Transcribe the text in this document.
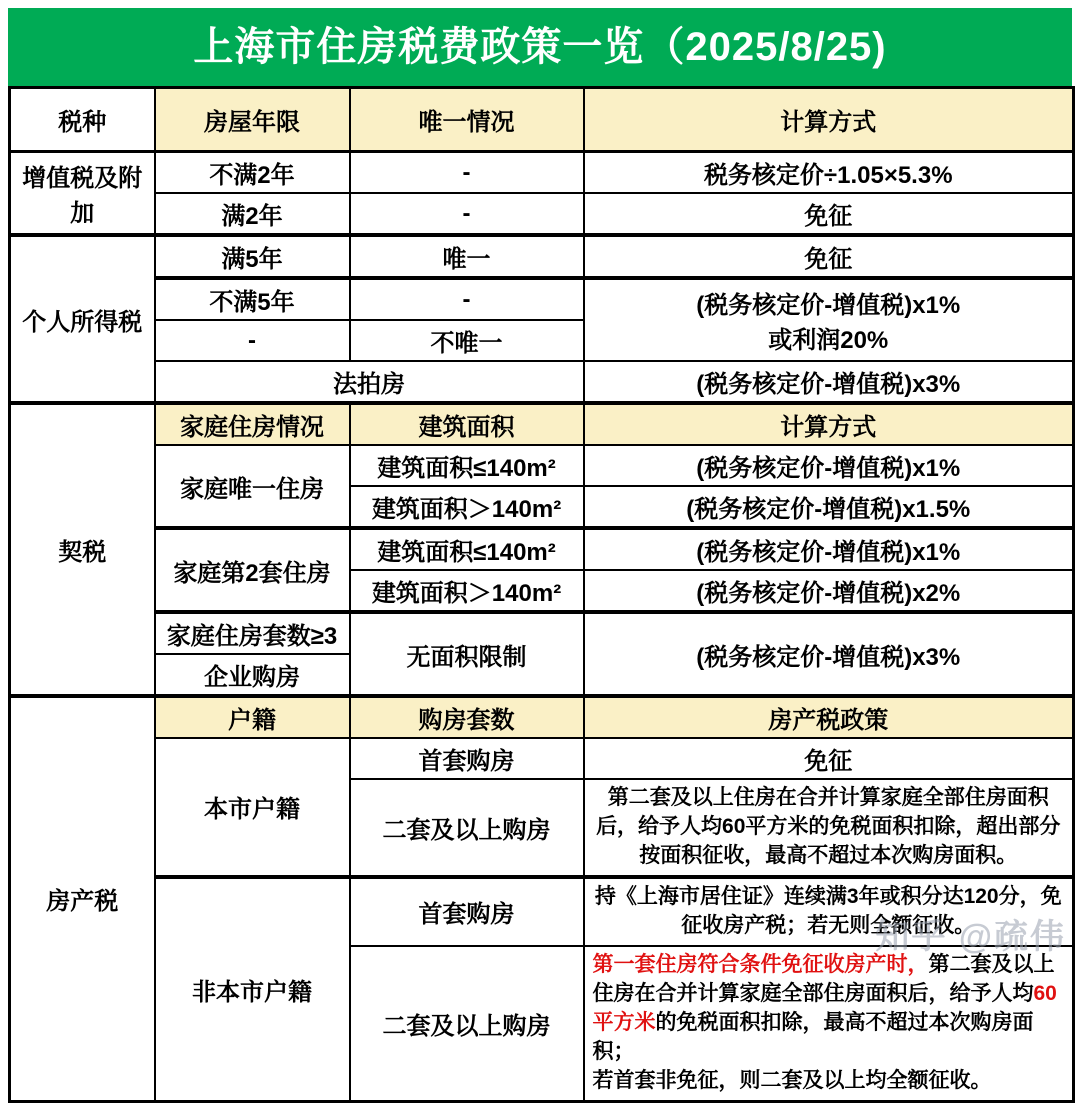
上海市住房税费政策一览（2025/8/25)
税种	房屋年限	唯一情况	计算方式
增值税及附加	不满2年	-	税务核定价÷1.05×5.3%
	满2年	-	免征
个人所得税	满5年	唯一	免征
	不满5年	-	(税务核定价-增值税)x1%
或利润20%
	-	不唯一	
	法拍房		(税务核定价-增值税)x3%
契税	家庭住房情况	建筑面积	计算方式
	家庭唯一住房	建筑面积≤140m²	(税务核定价-增值税)x1%
		建筑面积＞140m²	(税务核定价-增值税)x1.5%
	家庭第2套住房	建筑面积≤140m²	(税务核定价-增值税)x1%
		建筑面积＞140m²	(税务核定价-增值税)x2%
	家庭住房套数≥3	无面积限制	(税务核定价-增值税)x3%
	企业购房		
房产税	户籍	购房套数	房产税政策
	本市户籍	首套购房	免征
		二套及以上购房	第二套及以上住房在合并计算家庭全部住房面积后，给予人均60平方米的免税面积扣除，超出部分按面积征收，最高不超过本次购房面积。
	非本市户籍	首套购房	持《上海市居住证》连续满3年或积分达120分，免征收房产税；若无则全额征收。
		二套及以上购房	第一套住房符合条件免征收房产时，第二套及以上住房在合并计算家庭全部住房面积后，给予人均60平方米的免税面积扣除，最高不超过本次购房面积；
若首套非免征，则二套及以上均全额征收。
知乎 @疏伟
